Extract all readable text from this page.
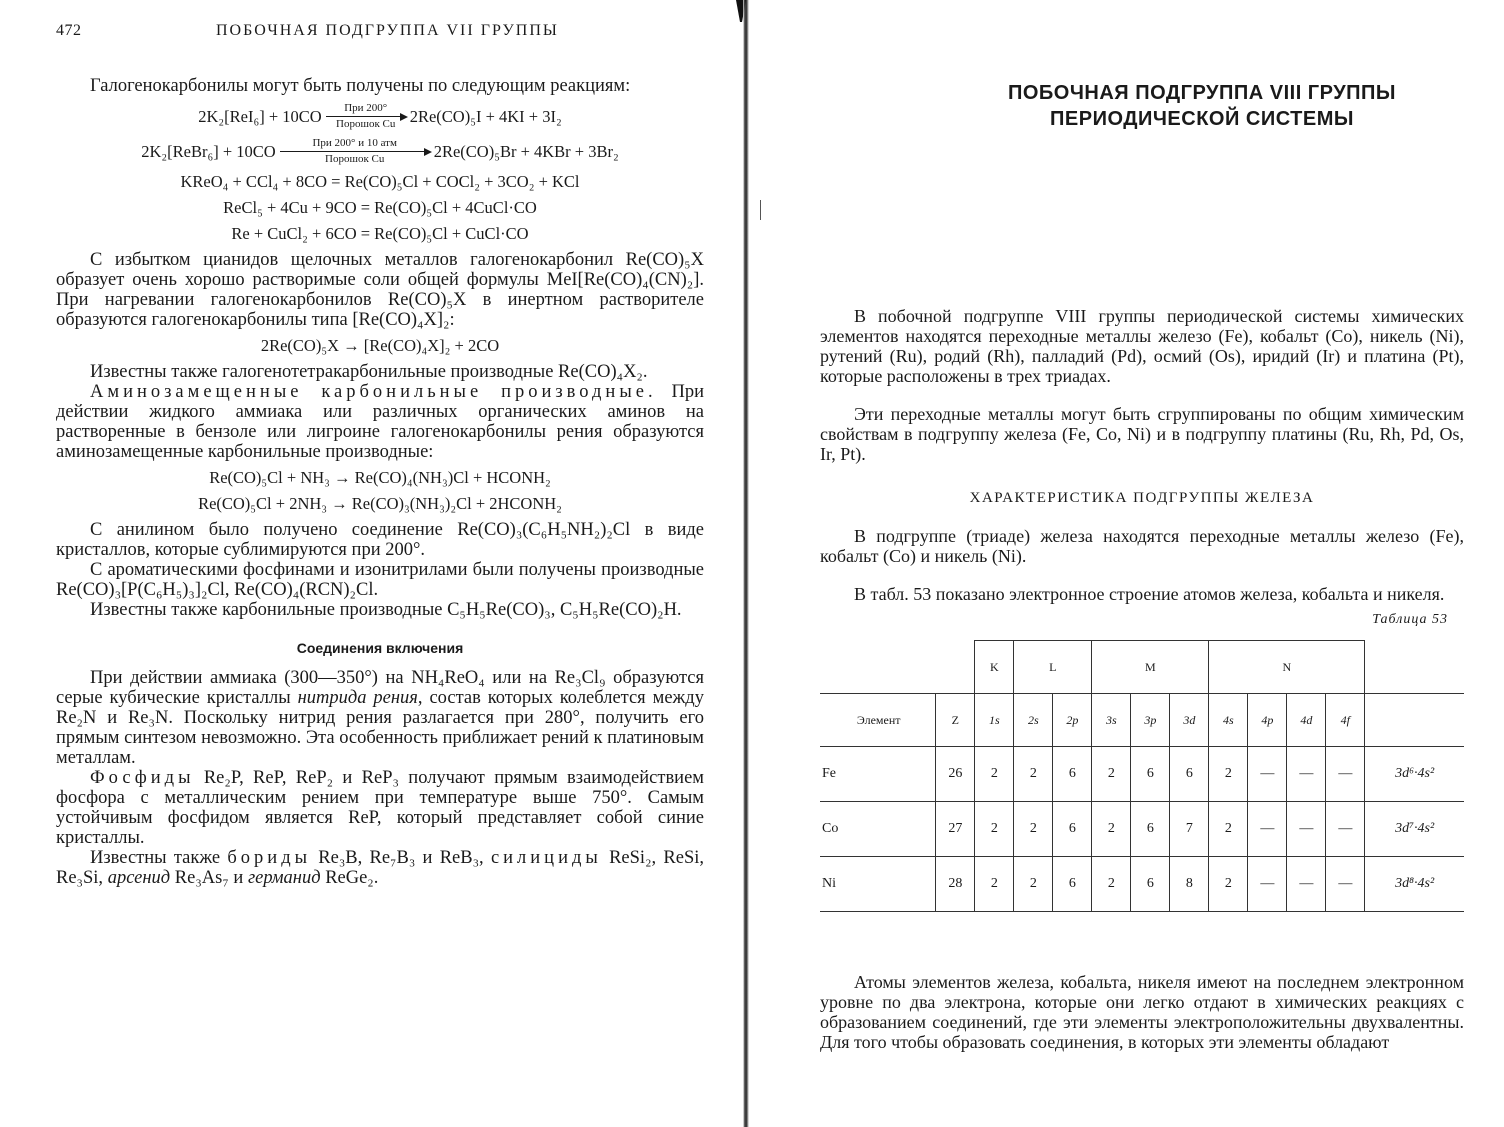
472	ПОБОЧНАЯ ПОДГРУППА VII ГРУППЫ

Галогенокарбонилы могут быть получены по следующим реакциям:

2K₂[ReI₆] + 10CO При 200°
Порошок Cu 2Re(CO)₅I + 4KI + 3I₂
2K₂[ReBr₆] + 10CO	При 200° и 10 атм
Порошок Cu	2Re(CO)₅Br + 4KBr + 3Br₂
KReO₄ + CCl₄ + 8CO = Re(CO)₅Cl + COCl₂ + 3CO₂ + KCl
ReCl₅ + 4Cu + 9CO = Re(CO)₅Cl + 4CuCl·CO
Re + CuCl₂ + 6CO = Re(CO)₅Cl + CuCl·CO

С избытком цианидов щелочных металлов галогенокарбонил Re(CO)₅X образует очень хорошо растворимые соли общей формулы MeI[Re(CO)₄(CN)₂]. При нагревании галогенокарбонилов Re(CO)₅X в инертном растворителе образуются галогенокарбонилы типа [Re(CO)₄X]₂:

2Re(CO)₅X → [Re(CO)₄X]₂ + 2CO

Известны также галогенотетракарбонильные производные Re(CO)₄X₂.

Аминозамещенные карбонильные производные. При действии жидкого аммиака или различных органических аминов на растворенные в бензоле или лигроине галогенокарбонилы рения образуются аминозамещенные карбонильные производные:

Re(CO)₅Cl + NH₃ → Re(CO)₄(NH₃)Cl + HCONH₂
Re(CO)₅Cl + 2NH₃ → Re(CO)₃(NH₃)₂Cl + 2HCONH₂

С анилином было получено соединение Re(CO)₃(C₆H₅NH₂)₂Cl в виде кристаллов, которые сублимируются при 200°.

С ароматическими фосфинами и изонитрилами были получены производные Re(CO)₃[P(C₆H₅)₃]₂Cl, Re(CO)₄(RCN)₂Cl.

Известны также карбонильные производные C₅H₅Re(CO)₃, C₅H₅Re(CO)₂H.

Соединения включения

При действии аммиака (300—350°) на NH₄ReO₄ или на Re₃Cl₉ образуются серые кубические кристаллы нитрида рения, состав которых колеблется между Re₂N и Re₃N. Поскольку нитрид рения разлагается при 280°, получить его прямым синтезом невозможно. Эта особенность приближает рений к платиновым металлам.

Фосфиды Re₂P, ReP, ReP₂ и ReP₃ получают прямым взаимодействием фосфора с металлическим рением при температуре выше 750°. Самым устойчивым фосфидом является ReP, который представляет собой синие кристаллы.

Известны также бориды Re₃B, Re₇B₃ и ReB₃, силициды ReSi₂, ReSi, Re₃Si, арсенид Re₃As₇ и германид ReGe₂.

ПОБОЧНАЯ ПОДГРУППА VIII ГРУППЫ
ПЕРИОДИЧЕСКОЙ СИСТЕМЫ

В побочной подгруппе VIII группы периодической системы химических элементов находятся переходные металлы железо (Fe), кобальт (Co), никель (Ni), рутений (Ru), родий (Rh), палладий (Pd), осмий (Os), иридий (Ir) и платина (Pt), которые расположены в трех триадах.

Эти переходные металлы могут быть сгруппированы по общим химическим свойствам в подгруппу железа (Fe, Co, Ni) и в подгруппу платины (Ru, Rh, Pd, Os, Ir, Pt).

ХАРАКТЕРИСТИКА ПОДГРУППЫ ЖЕЛЕЗА

В подгруппе (триаде) железа находятся переходные металлы железо (Fe), кобальт (Co) и никель (Ni).

В табл. 53 показано электронное строение атомов железа, кобальта и никеля.

Таблица 53
		K	L		M			N				
Элемент	Z	1s	2s	2p	3s	3p	3d	4s	4p	4d	4f	
Fe	26	2	2	6	2	6	6	2	—	—	—	3d⁶·4s²
Co	27	2	2	6	2	6	7	2	—	—	—	3d⁷·4s²
Ni	28	2	2	6	2	6	8	2	—	—	—	3d⁸·4s²

Атомы элементов железа, кобальта, никеля имеют на последнем электронном уровне по два электрона, которые они легко отдают в химических реакциях с образованием соединений, где эти элементы электроположительны двухвалентны. Для того чтобы образовать соединения, в которых эти элементы обладают
